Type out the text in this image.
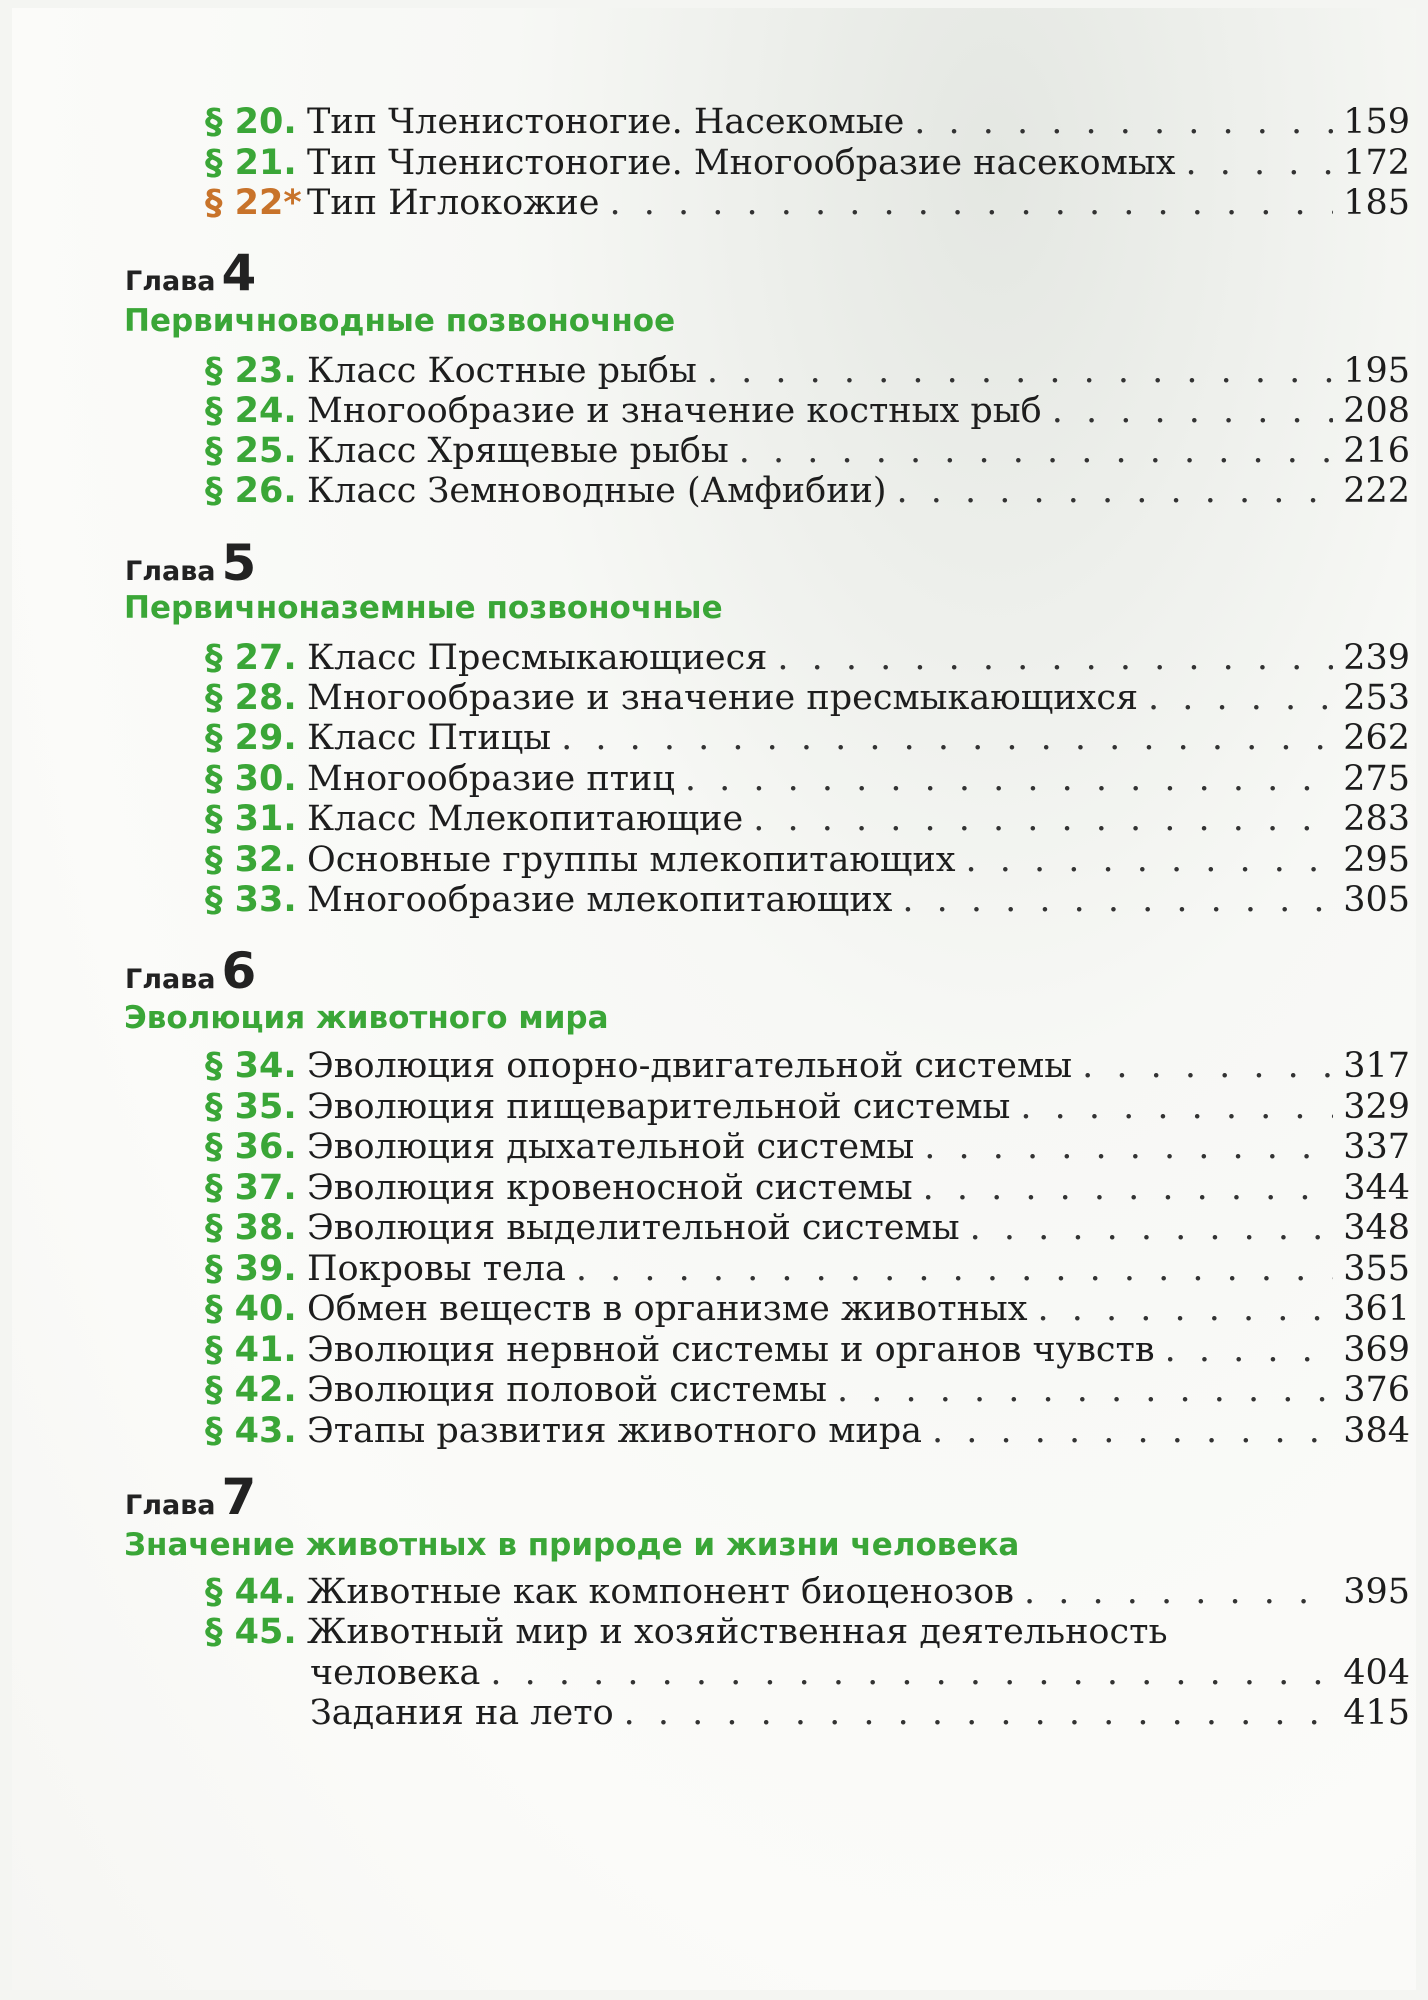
§ 20. Тип Членистоногие. Насекомые . . .	159
§ 21. Тип Членистоногие. Многообразие насекомых . . .	172
§ 22* Тип Иглокожие . . .	185
Глава 4
Первичноводные позвоночное
§ 23. Класс Костные рыбы . . .	195
§ 24. Многообразие и значение костных рыб . . .	208
§ 25. Класс Хрящевые рыбы . . .	216
§ 26. Класс Земноводные (Амфибии) . . .	222
Глава 5
Первичноназемные позвоночные
§ 27. Класс Пресмыкающиеся . . .	239
§ 28. Многообразие и значение пресмыкающихся . . .	253
§ 29. Класс Птицы . . .	262
§ 30. Многообразие птиц . . .	275
§ 31. Класс Млекопитающие . . .	283
§ 32. Основные группы млекопитающих . . .	295
§ 33. Многообразие млекопитающих . . .	305
Глава 6
Эволюция животного мира
§ 34. Эволюция опорно-двигательной системы . . .	317
§ 35. Эволюция пищеварительной системы . . .	329
§ 36. Эволюция дыхательной системы . . .	337
§ 37. Эволюция кровеносной системы . . .	344
§ 38. Эволюция выделительной системы . . .	348
§ 39. Покровы тела . . .	355
§ 40. Обмен веществ в организме животных . . .	361
§ 41. Эволюция нервной системы и органов чувств . . .	369
§ 42. Эволюция половой системы . . .	376
§ 43. Этапы развития животного мира . . .	384
Глава 7
Значение животных в природе и жизни человека
§ 44. Животные как компонент биоценозов . . .	395
§ 45. Животный мир и хозяйственная деятельность
человека . . .	404
Задания на лето . . .	415
